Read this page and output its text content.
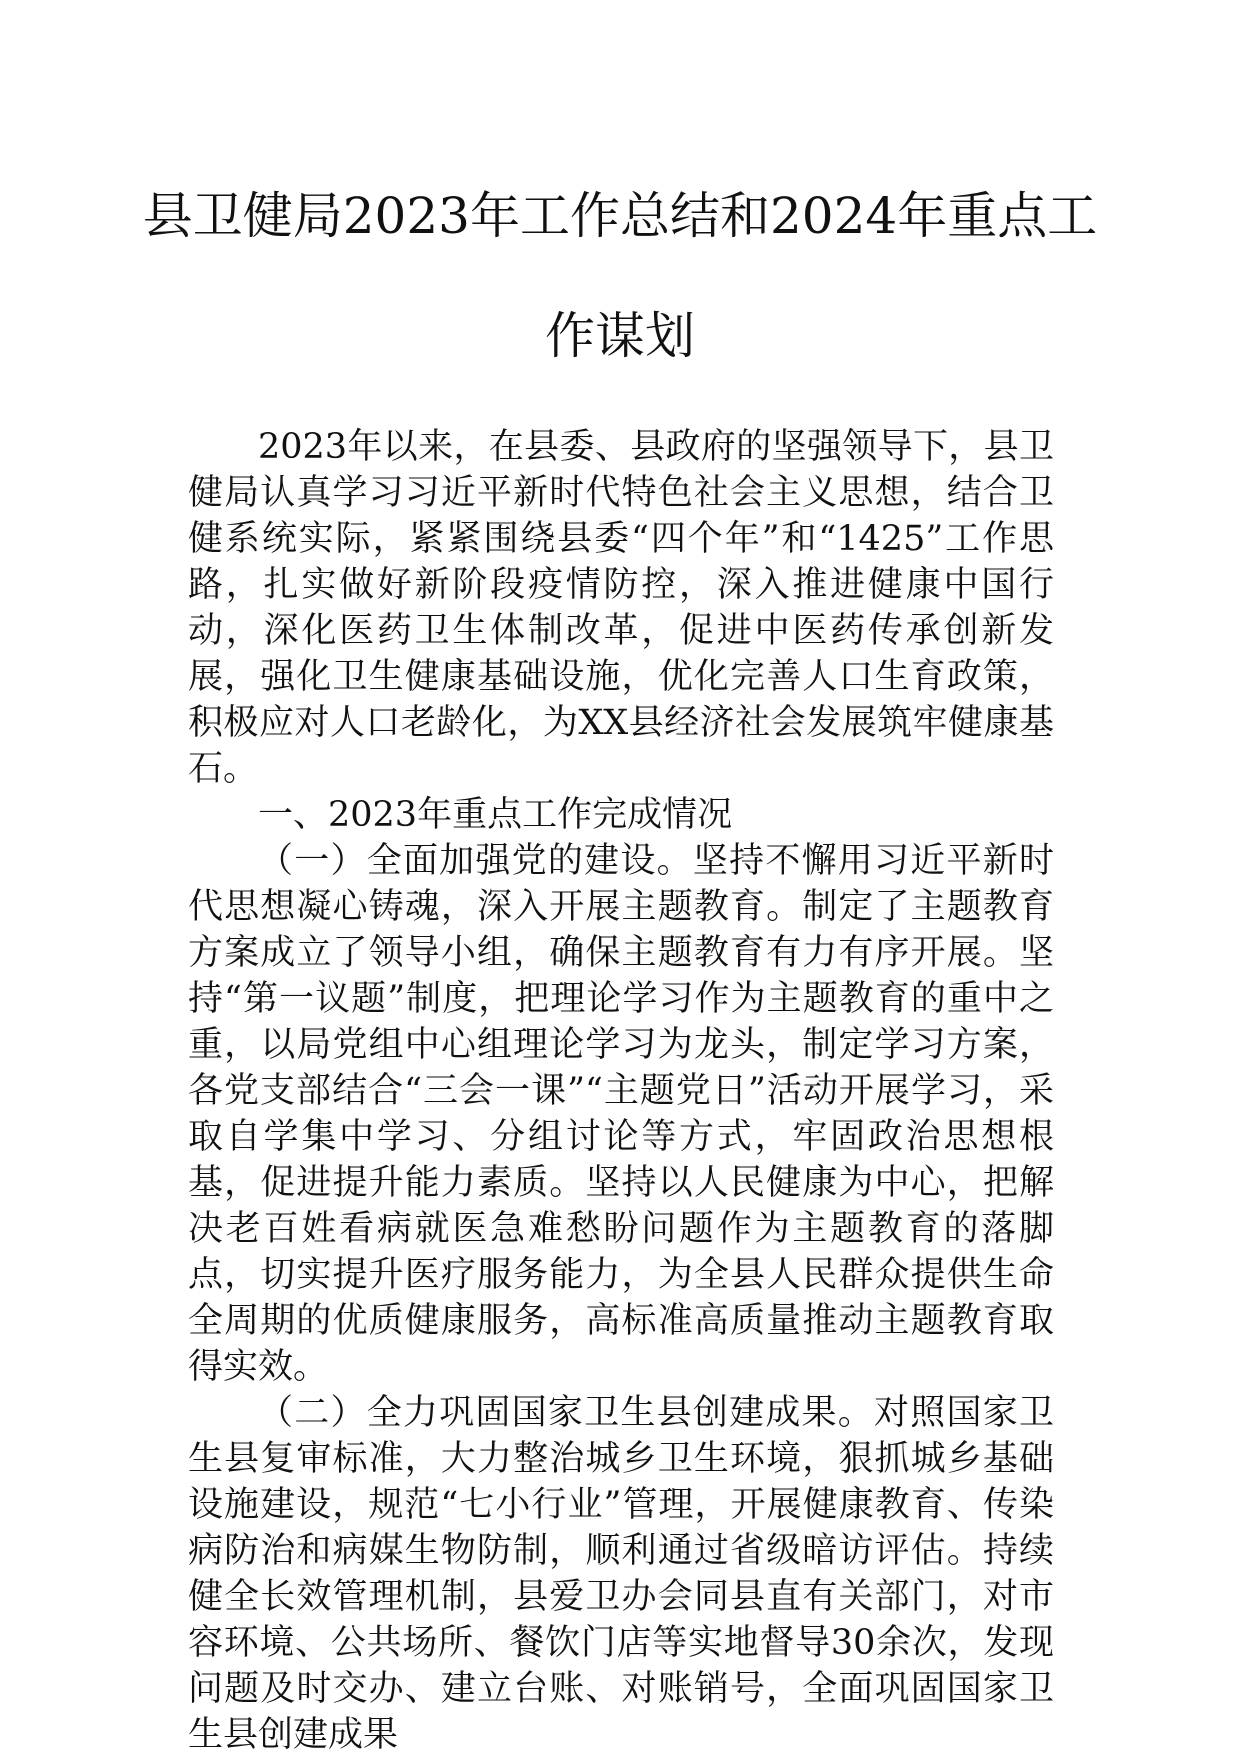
县卫健局2023年工作总结和2024年重点工
作谋划

2023年以来，在县委、县政府的坚强领导下，县卫健局认真学习习近平新时代特色社会主义思想，结合卫健系统实际，紧紧围绕县委“四个年”和“1425”工作思路，扎实做好新阶段疫情防控，深入推进健康中国行动，深化医药卫生体制改革，促进中医药传承创新发展，强化卫生健康基础设施，优化完善人口生育政策，积极应对人口老龄化，为XX县经济社会发展筑牢健康基石。

一、2023年重点工作完成情况

（一）全面加强党的建设。坚持不懈用习近平新时代思想凝心铸魂，深入开展主题教育。制定了主题教育方案成立了领导小组，确保主题教育有力有序开展。坚持“第一议题”制度，把理论学习作为主题教育的重中之重，以局党组中心组理论学习为龙头，制定学习方案，各党支部结合“三会一课”“主题党日”活动开展学习，采取自学集中学习、分组讨论等方式，牢固政治思想根基，促进提升能力素质。坚持以人民健康为中心，把解决老百姓看病就医急难愁盼问题作为主题教育的落脚点，切实提升医疗服务能力，为全县人民群众提供生命全周期的优质健康服务，高标准高质量推动主题教育取得实效。

（二）全力巩固国家卫生县创建成果。对照国家卫生县复审标准，大力整治城乡卫生环境，狠抓城乡基础设施建设，规范“七小行业”管理，开展健康教育、传染病防治和病媒生物防制，顺利通过省级暗访评估。持续健全长效管理机制，县爱卫办会同县直有关部门，对市容环境、公共场所、餐饮门店等实地督导30余次，发现问题及时交办、建立台账、对账销号，全面巩固国家卫生县创建成果
